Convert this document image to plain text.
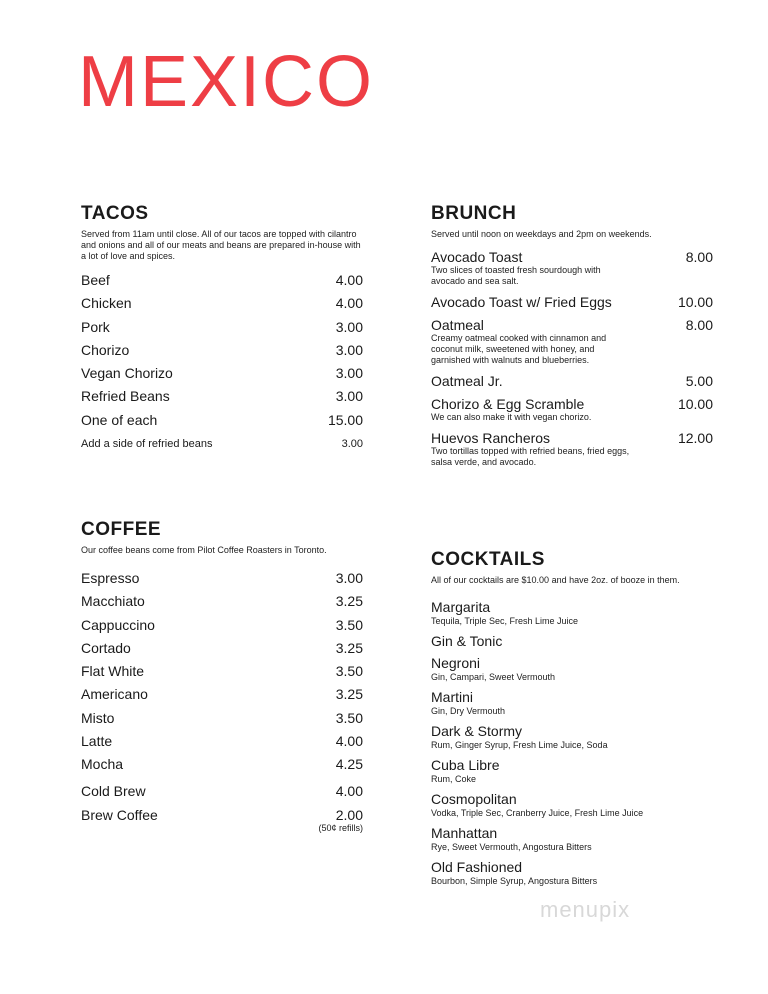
MEXICO
TACOS

Served from 11am until close. All of our tacos are topped with cilantro and onions and all of our meats and beans are prepared in-house with a lot of love and spices.

Beef	4.00
Chicken	4.00
Pork	3.00
Chorizo	3.00
Vegan Chorizo	3.00
Refried Beans	3.00
One of each	15.00
Add a side of refried beans	3.00
COFFEE

Our coffee beans come from Pilot Coffee Roasters in Toronto.

Espresso	3.00
Macchiato	3.25
Cappuccino	3.50
Cortado	3.25
Flat White	3.50
Americano	3.25
Misto	3.50
Latte	4.00
Mocha	4.25
Cold Brew	4.00
Brew Coffee	2.00
(50¢ refills)
BRUNCH

Served until noon on weekdays and 2pm on weekends.

Avocado Toast	8.00
Two slices of toasted fresh sourdough with avocado and sea salt.
Avocado Toast w/ Fried Eggs	10.00
Oatmeal	8.00
Creamy oatmeal cooked with cinnamon and coconut milk, sweetened with honey, and garnished with walnuts and blueberries.
Oatmeal Jr.	5.00
Chorizo & Egg Scramble	10.00
We can also make it with vegan chorizo.
Huevos Rancheros	12.00
Two tortillas topped with refried beans, fried eggs, salsa verde, and avocado.
COCKTAILS

All of our cocktails are $10.00 and have 2oz. of booze in them.

Margarita
Tequila, Triple Sec, Fresh Lime Juice
Gin & Tonic
Negroni
Gin, Campari, Sweet Vermouth
Martini
Gin, Dry Vermouth
Dark & Stormy
Rum, Ginger Syrup, Fresh Lime Juice, Soda
Cuba Libre
Rum, Coke
Cosmopolitan
Vodka, Triple Sec, Cranberry Juice, Fresh Lime Juice
Manhattan
Rye, Sweet Vermouth, Angostura Bitters
Old Fashioned
Bourbon, Simple Syrup, Angostura Bitters
menupix
